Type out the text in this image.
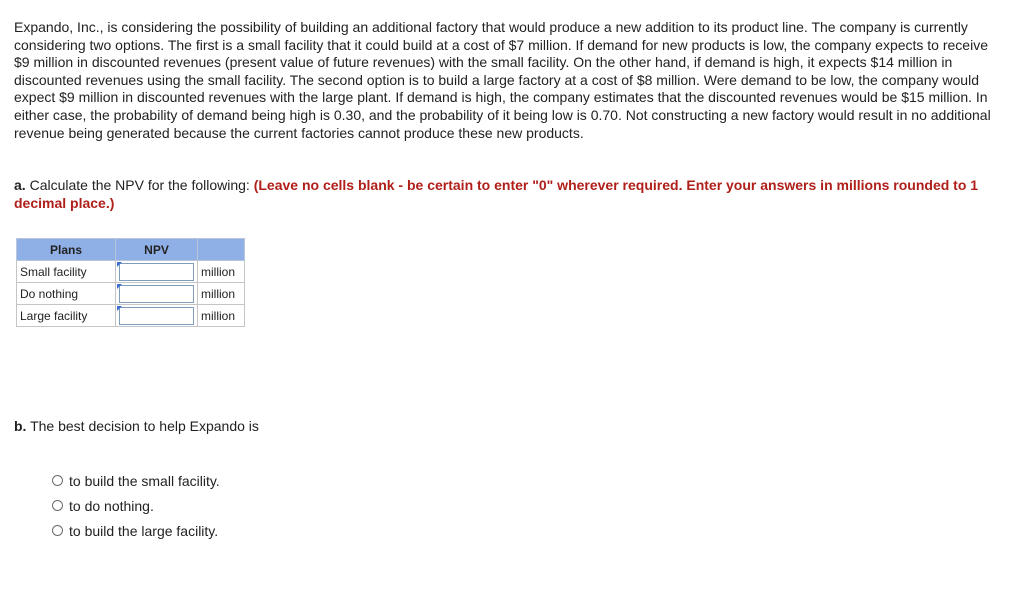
Expando, Inc., is considering the possibility of building an additional factory that would produce a new addition to its product line. The company is currently considering two options. The first is a small facility that it could build at a cost of $7 million. If demand for new products is low, the company expects to receive $9 million in discounted revenues (present value of future revenues) with the small facility. On the other hand, if demand is high, it expects $14 million in discounted revenues using the small facility. The second option is to build a large factory at a cost of $8 million. Were demand to be low, the company would expect $9 million in discounted revenues with the large plant. If demand is high, the company estimates that the discounted revenues would be $15 million. In either case, the probability of demand being high is 0.30, and the probability of it being low is 0.70. Not constructing a new factory would result in no additional revenue being generated because the current factories cannot produce these new products.

a. Calculate the NPV for the following: (Leave no cells blank - be certain to enter "0" wherever required. Enter your answers in millions rounded to 1 decimal place.)

Plans	NPV	
Small facility		million
Do nothing		million
Large facility		million

b. The best decision to help Expando is

to build the small facility.
to do nothing.
to build the large facility.
